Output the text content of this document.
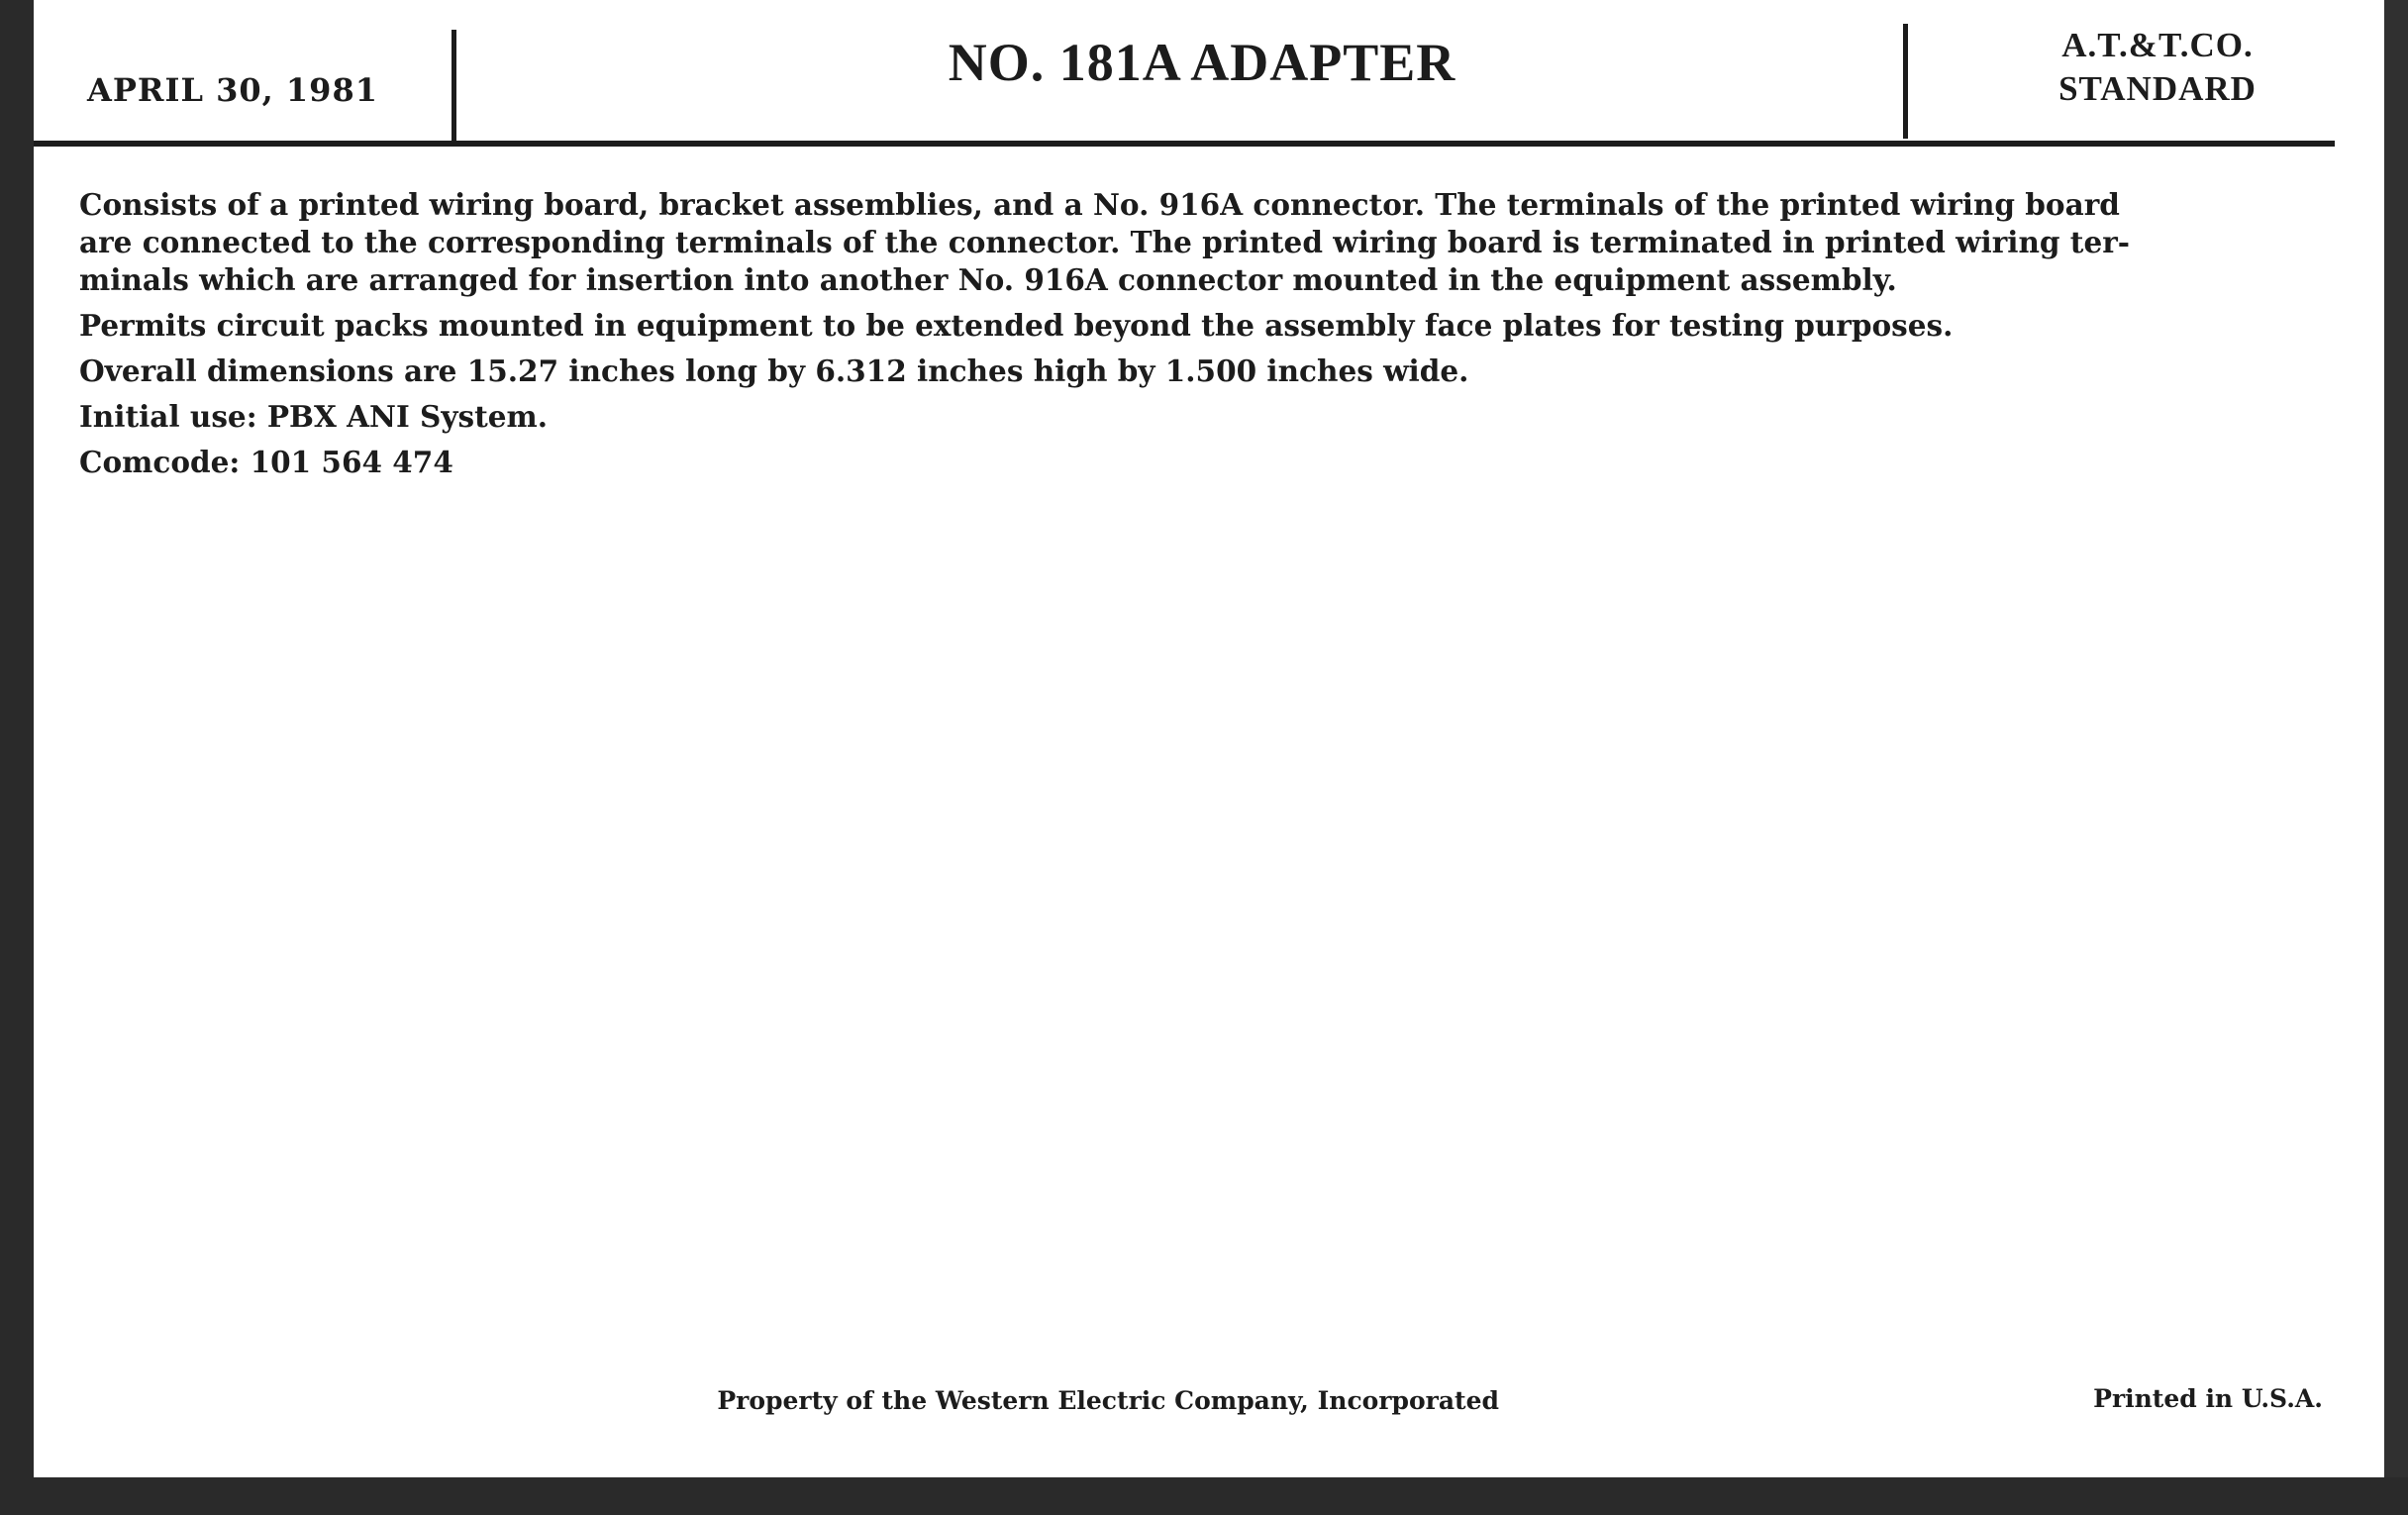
APRIL 30, 1981	NO. 181A ADAPTER	A.T.&T.CO.
STANDARD
Consists of a printed wiring board, bracket assemblies, and a No. 916A connector. The terminals of the printed wiring board
are connected to the corresponding terminals of the connector. The printed wiring board is terminated in printed wiring ter-
minals which are arranged for insertion into another No. 916A connector mounted in the equipment assembly.
Permits circuit packs mounted in equipment to be extended beyond the assembly face plates for testing purposes.
Overall dimensions are 15.27 inches long by 6.312 inches high by 1.500 inches wide.
Initial use: PBX ANI System.
Comcode: 101 564 474
Property of the Western Electric Company, Incorporated	Printed in U.S.A.
